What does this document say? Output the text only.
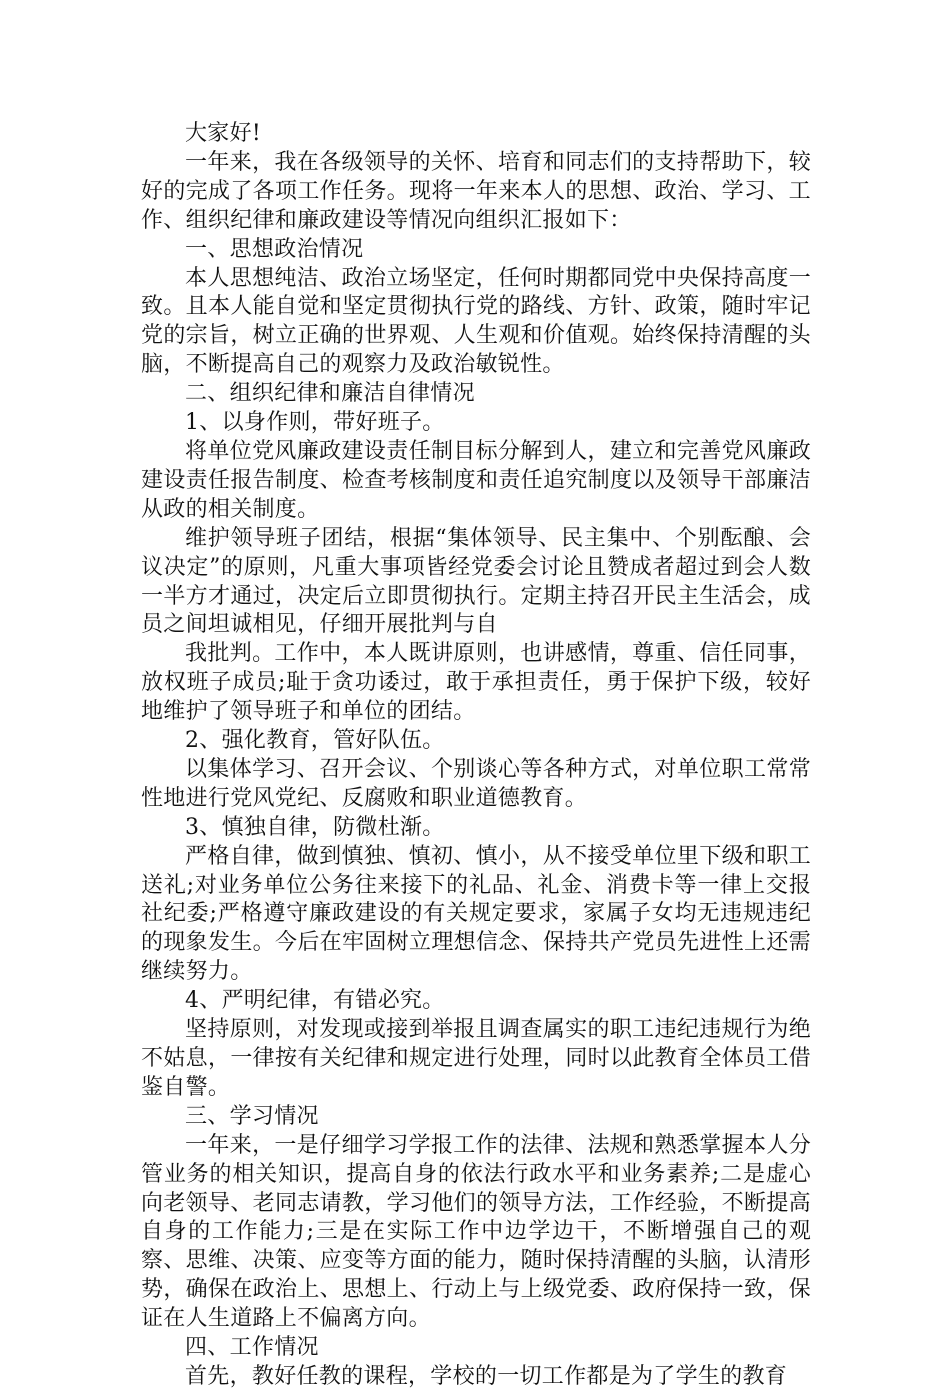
大家好!

一年来，我在各级领导的关怀、培育和同志们的支持帮助下，较好的完成了各项工作任务。现将一年来本人的思想、政治、学习、工作、组织纪律和廉政建设等情况向组织汇报如下：

一、思想政治情况

本人思想纯洁、政治立场坚定，任何时期都同党中央保持高度一致。且本人能自觉和坚定贯彻执行党的路线、方针、政策，随时牢记党的宗旨，树立正确的世界观、人生观和价值观。始终保持清醒的头脑，不断提高自己的观察力及政治敏锐性。

二、组织纪律和廉洁自律情况

1、以身作则，带好班子。

将单位党风廉政建设责任制目标分解到人，建立和完善党风廉政建设责任报告制度、检查考核制度和责任追究制度以及领导干部廉洁从政的相关制度。

维护领导班子团结，根据“集体领导、民主集中、个别酝酿、会议决定”的原则，凡重大事项皆经党委会讨论且赞成者超过到会人数一半方才通过，决定后立即贯彻执行。定期主持召开民主生活会，成员之间坦诚相见，仔细开展批判与自

我批判。工作中，本人既讲原则，也讲感情，尊重、信任同事，放权班子成员;耻于贪功诿过，敢于承担责任，勇于保护下级，较好地维护了领导班子和单位的团结。

2、强化教育，管好队伍。

以集体学习、召开会议、个别谈心等各种方式，对单位职工常常性地进行党风党纪、反腐败和职业道德教育。

3、慎独自律，防微杜渐。

严格自律，做到慎独、慎初、慎小，从不接受单位里下级和职工送礼;对业务单位公务往来接下的礼品、礼金、消费卡等一律上交报社纪委;严格遵守廉政建设的有关规定要求，家属子女均无违规违纪的现象发生。今后在牢固树立理想信念、保持共产党员先进性上还需继续努力。

4、严明纪律，有错必究。

坚持原则，对发现或接到举报且调查属实的职工违纪违规行为绝不姑息，一律按有关纪律和规定进行处理，同时以此教育全体员工借鉴自警。

三、学习情况

一年来，一是仔细学习学报工作的法律、法规和熟悉掌握本人分管业务的相关知识，提高自身的依法行政水平和业务素养;二是虚心向老领导、老同志请教，学习他们的领导方法，工作经验，不断提高自身的工作能力;三是在实际工作中边学边干，不断增强自己的观察、思维、决策、应变等方面的能力，随时保持清醒的头脑，认清形势，确保在政治上、思想上、行动上与上级党委、政府保持一致，保证在人生道路上不偏离方向。

四、工作情况

首先，教好任教的课程，学校的一切工作都是为了学生的教育
